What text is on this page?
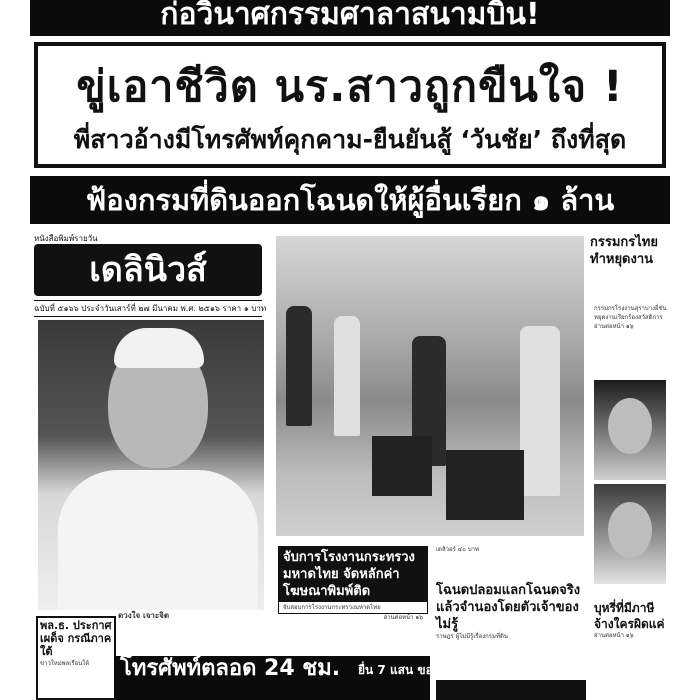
ก่อวินาศกรรมศาลาสนามบิน!
ขู่เอาชีวิต นร.สาวถูกขืนใจ !
พี่สาวอ้างมีโทรศัพท์คุกคาม-ยืนยันสู้ ‘วันชัย’ ถึงที่สุด
ฟ้องกรมที่ดินออกโฉนดให้ผู้อื่นเรียก ๑ ล้าน
หนังสือพิมพ์รายวัน
เดลินิวส์
ฉบับที่ ๕๑๖๖ ประจำวันเสาร์ที่ ๒๗ มีนาคม พ.ศ. ๒๕๑๖ ราคา ๑ บาท
กรรมกรไทยทำหยุดงาน
กรรมกรโรงงานสุราบางยี่ขัน หยุดงานเรียกร้องสวัสดิการ
อ่านต่อหน้า ๑๖
ดวงใจ เจาะจิต
จับการโรงงานกระทรวงมหาดไทย จัดหลักค่าโฆษณาพิมพ์ติด
จับสอบการโรงงานกระทรวงมหาดไทย
อ่านต่อหน้า ๑๖
เดลิวอร์ ๔๐ บาท
โฉนดปลอมแลกโฉนดจริง แล้วจำนองโดยตัวเจ้าของไม่รู้
ราษฎร ผู้ไม่มีรู้เรื่องกรมที่ดิน
บุหรี่ที่มีภาษี จ้างใครผิดแค่
อ่านต่อหน้า ๑๖
พล.ธ. ประกาศเผด็จ กรณีภาคใต้
ข่าวใหม่พลเรือนใต้	โทรศัพท์ตลอด 24 ชม.	ยื่น 7 แสน ขอเกียรติ
